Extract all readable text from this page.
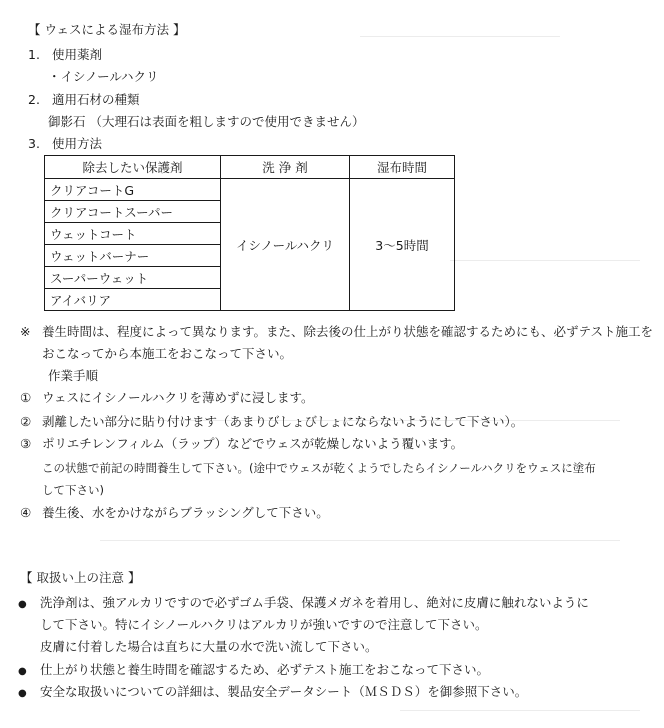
【 ウェスによる湿布方法 】
1. 使用薬剤
・イシノールハクリ
2. 適用石材の種類
御影石 （大理石は表面を粗しますので使用できません）
3. 使用方法
除去したい保護剤	洗 浄 剤	湿布時間
クリアコートG	イシノールハクリ	3～5時間
クリアコートスーパー		
ウェットコート		
ウェットバーナー		
スーパーウェット		
アイバリア		
※ 養生時間は、程度によって異なります。また、除去後の仕上がり状態を確認するためにも、必ずテスト施工を
おこなってから本施工をおこなって下さい。
作業手順
① ウェスにイシノールハクリを薄めずに浸します。
② 剥離したい部分に貼り付けます（あまりびしょびしょにならないようにして下さい）。
③ ポリエチレンフィルム（ラップ）などでウェスが乾燥しないよう覆います。
この状態で前記の時間養生して下さい。(途中でウェスが乾くようでしたらイシノールハクリをウェスに塗布
して下さい)
④ 養生後、水をかけながらブラッシングして下さい。
【 取扱い上の注意 】
● 洗浄剤は、強アルカリですので必ずゴム手袋、保護メガネを着用し、絶対に皮膚に触れないように
して下さい。特にイシノールハクリはアルカリが強いですので注意して下さい。
皮膚に付着した場合は直ちに大量の水で洗い流して下さい。
● 仕上がり状態と養生時間を確認するため、必ずテスト施工をおこなって下さい。
● 安全な取扱いについての詳細は、製品安全データシート（ＭＳＤＳ）を御参照下さい。
